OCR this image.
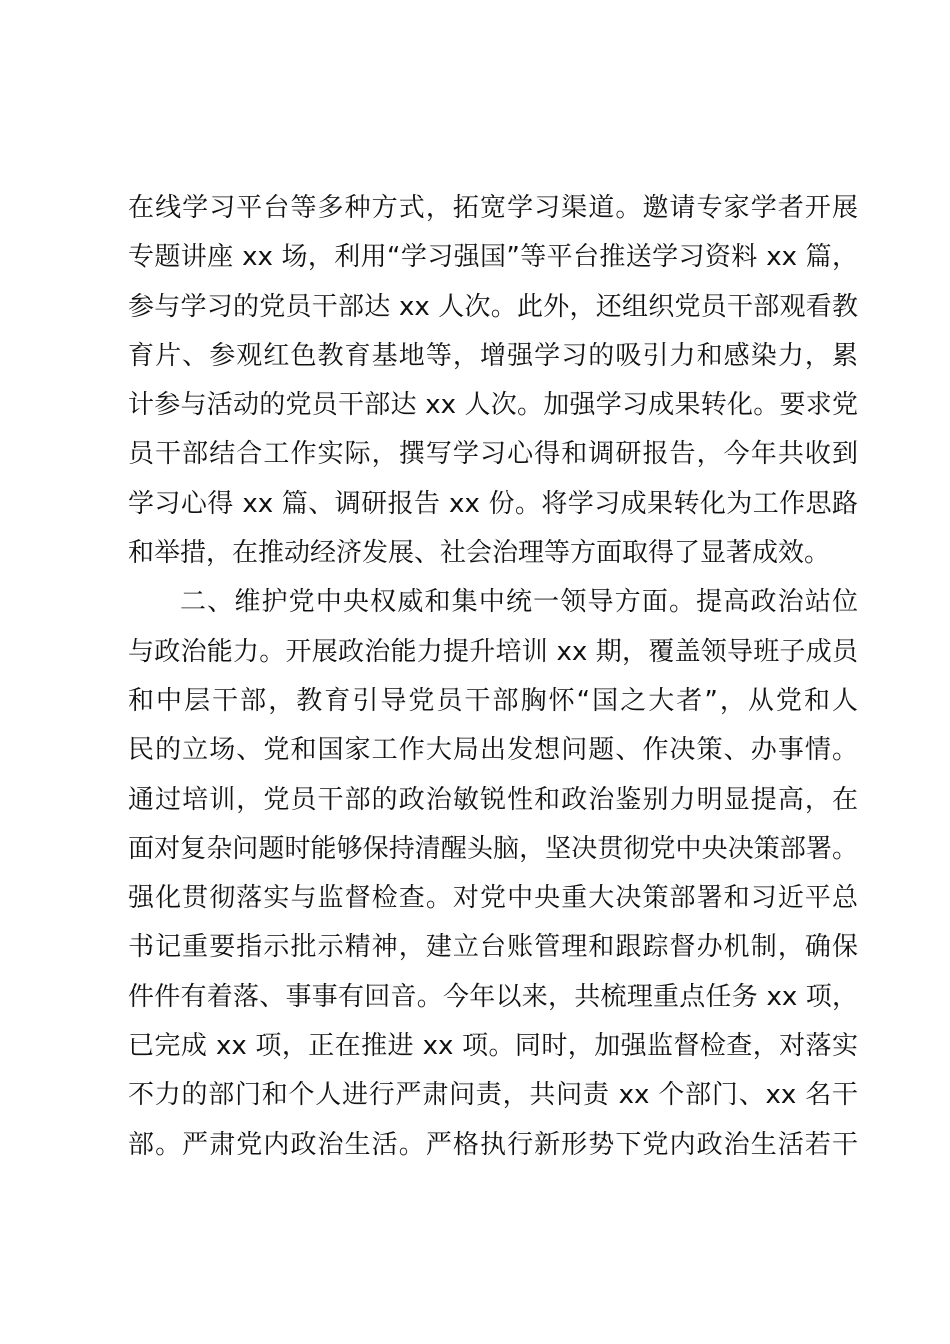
在线学习平台等多种方式，拓宽学习渠道。邀请专家学者开展
专题讲座 xx 场，利用“学习强国”等平台推送学习资料 xx 篇，
参与学习的党员干部达 xx 人次。此外，还组织党员干部观看教
育片、参观红色教育基地等，增强学习的吸引力和感染力，累
计参与活动的党员干部达 xx 人次。加强学习成果转化。要求党
员干部结合工作实际，撰写学习心得和调研报告，今年共收到
学习心得 xx 篇、调研报告 xx 份。将学习成果转化为工作思路
和举措，在推动经济发展、社会治理等方面取得了显著成效。
二、维护党中央权威和集中统一领导方面。提高政治站位
与政治能力。开展政治能力提升培训 xx 期，覆盖领导班子成员
和中层干部，教育引导党员干部胸怀“国之大者”，从党和人
民的立场、党和国家工作大局出发想问题、作决策、办事情。
通过培训，党员干部的政治敏锐性和政治鉴别力明显提高，在
面对复杂问题时能够保持清醒头脑，坚决贯彻党中央决策部署。
强化贯彻落实与监督检查。对党中央重大决策部署和习近平总
书记重要指示批示精神，建立台账管理和跟踪督办机制，确保
件件有着落、事事有回音。今年以来，共梳理重点任务 xx 项，
已完成 xx 项，正在推进 xx 项。同时，加强监督检查，对落实
不力的部门和个人进行严肃问责，共问责 xx 个部门、xx 名干
部。严肃党内政治生活。严格执行新形势下党内政治生活若干
